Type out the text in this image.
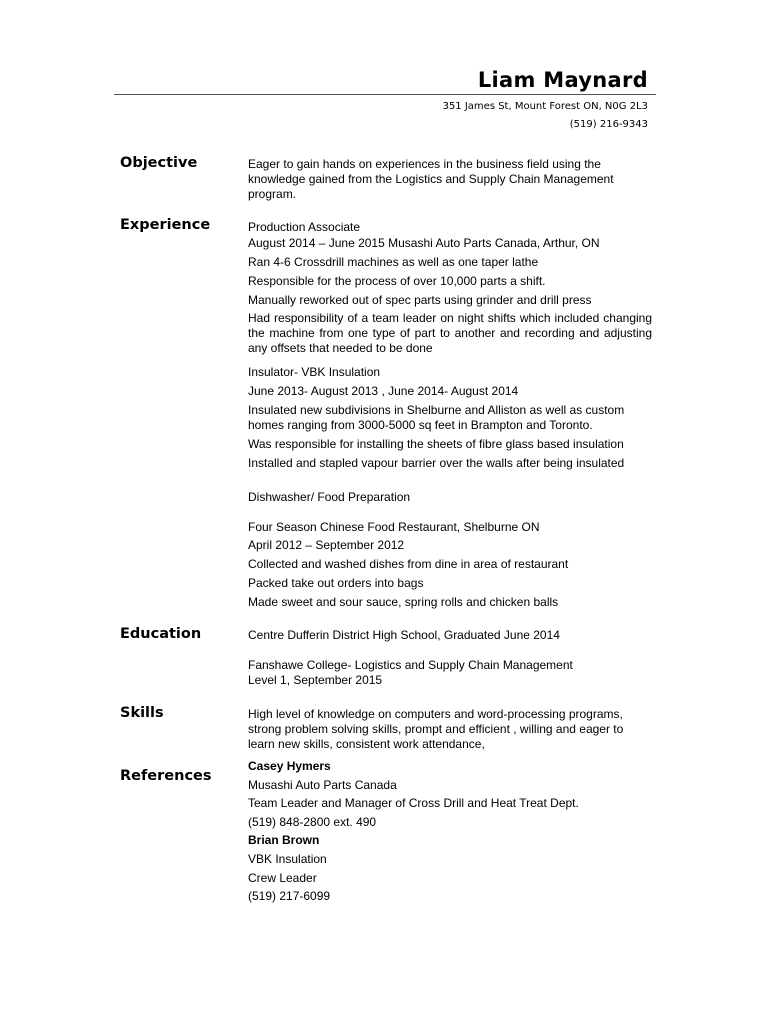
Liam Maynard
351 James St, Mount Forest ON, N0G 2L3
(519) 216-9343
Objective	Eager to gain hands on experiences in the business field using the knowledge gained from the Logistics and Supply Chain Management program.

Experience	Production Associate

August 2014 – June 2015 Musashi Auto Parts Canada, Arthur, ON

Ran 4-6 Crossdrill machines as well as one taper lathe

Responsible for the process of over 10,000 parts a shift.

Manually reworked out of spec parts using grinder and drill press

Had responsibility of a team leader on night shifts which included changing the machine from one type of part to another and recording and adjusting any offsets that needed to be done

Insulator- VBK Insulation

June 2013- August 2013 , June 2014- August 2014

Insulated new subdivisions in Shelburne and Alliston as well as custom homes ranging from 3000-5000 sq feet in Brampton and Toronto.

Was responsible for installing the sheets of fibre glass based insulation

Installed and stapled vapour barrier over the walls after being insulated

Dishwasher/ Food Preparation

Four Season Chinese Food Restaurant, Shelburne ON

April 2012 – September 2012

Collected and washed dishes from dine in area of restaurant

Packed take out orders into bags

Made sweet and sour sauce, spring rolls and chicken balls

Education	Centre Dufferin District High School, Graduated June 2014

Fanshawe College- Logistics and Supply Chain Management

Level 1, September 2015

Skills	High level of knowledge on computers and word-processing programs, strong problem solving skills, prompt and efficient , willing and eager to learn new skills, consistent work attendance,

References

Casey Hymers

Musashi Auto Parts Canada

Team Leader and Manager of Cross Drill and Heat Treat Dept.

(519) 848-2800 ext. 490

Brian Brown

VBK Insulation

Crew Leader

(519) 217-6099
